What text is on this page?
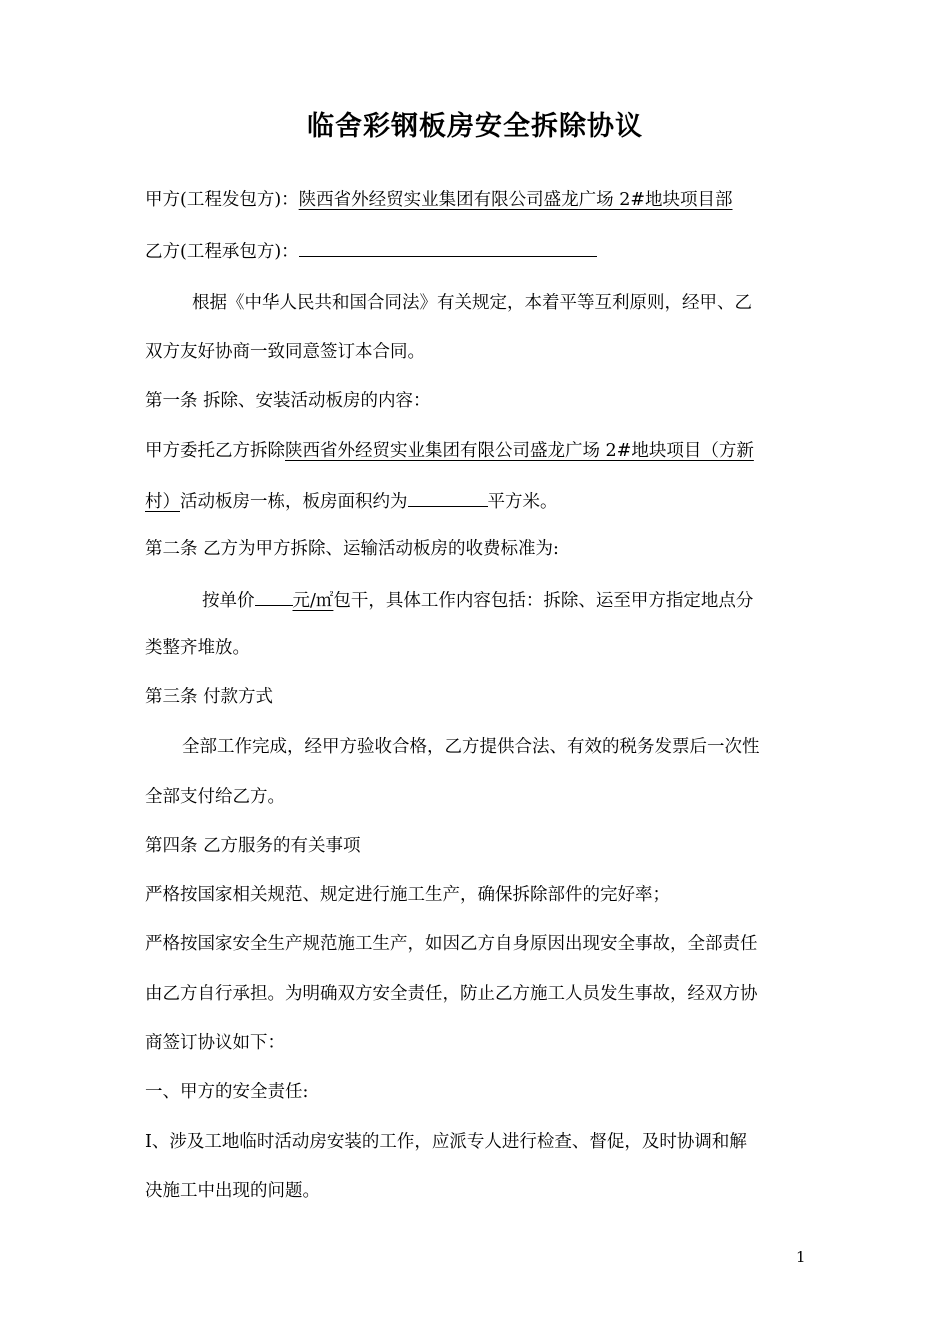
临舍彩钢板房安全拆除协议
甲方(工程发包方)：陕西省外经贸实业集团有限公司盛龙广场 2#地块项目部
乙方(工程承包方)：
根据《中华人民共和国合同法》有关规定，本着平等互利原则，经甲、乙
双方友好协商一致同意签订本合同。
第一条 拆除、安装活动板房的内容：
甲方委托乙方拆除陕西省外经贸实业集团有限公司盛龙广场 2#地块项目（方新
村）活动板房一栋，板房面积约为	平方米。
第二条 乙方为甲方拆除、运输活动板房的收费标准为:
按单价 元/㎡包干，具体工作内容包括：拆除、运至甲方指定地点分
类整齐堆放。
第三条 付款方式
全部工作完成，经甲方验收合格，乙方提供合法、有效的税务发票后一次性
全部支付给乙方。
第四条 乙方服务的有关事项
严格按国家相关规范、规定进行施工生产，确保拆除部件的完好率；
严格按国家安全生产规范施工生产，如因乙方自身原因出现安全事故，全部责任
由乙方自行承担。为明确双方安全责任，防止乙方施工人员发生事故，经双方协
商签订协议如下：
一、甲方的安全责任:
I、涉及工地临时活动房安装的工作，应派专人进行检查、督促，及时协调和解
决施工中出现的问题。
1
